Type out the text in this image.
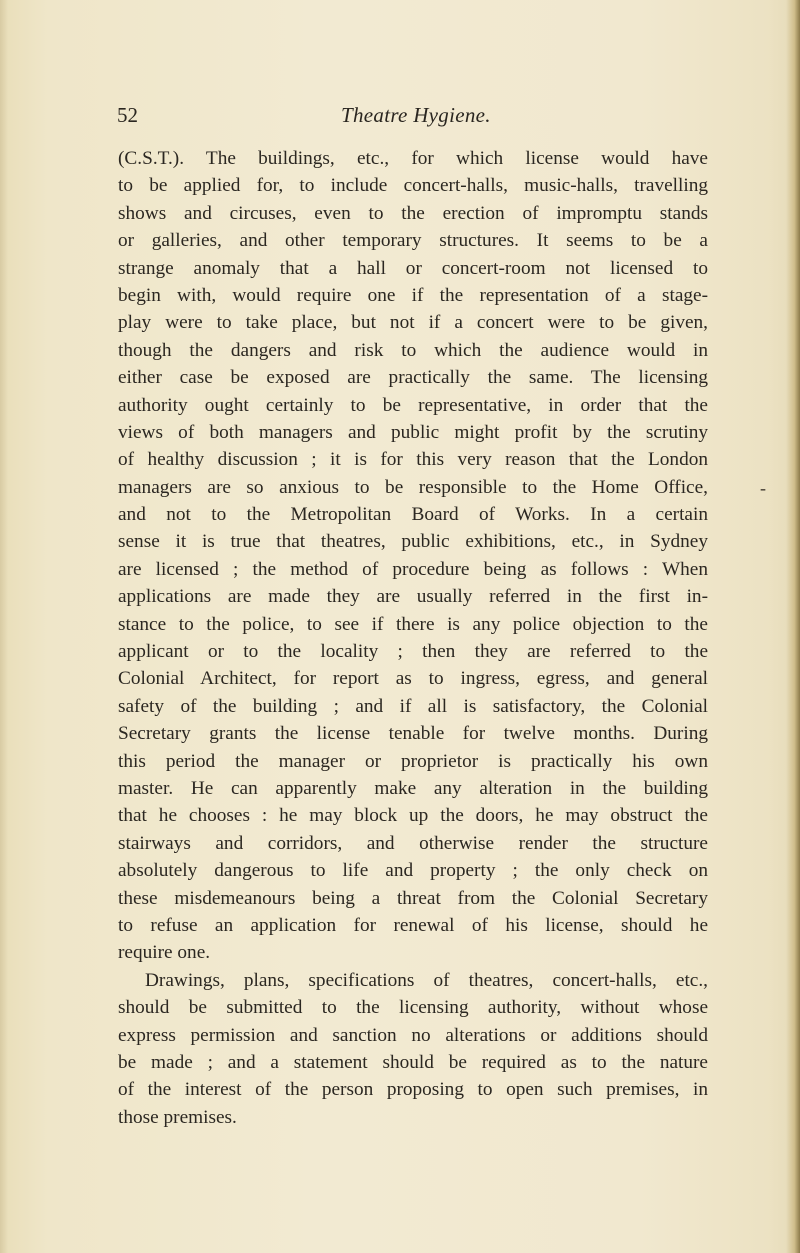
52	Theatre Hygiene.
-
(C.S.T.). The buildings, etc., for which license would have
to be applied for, to include concert-halls, music-halls, travelling
shows and circuses, even to the erection of impromptu stands
or galleries, and other temporary structures. It seems to be a
strange anomaly that a hall or concert-room not licensed to
begin with, would require one if the representation of a stage-
play were to take place, but not if a concert were to be given,
though the dangers and risk to which the audience would in
either case be exposed are practically the same. The licensing
authority ought certainly to be representative, in order that the
views of both managers and public might profit by the scrutiny
of healthy discussion ; it is for this very reason that the London
managers are so anxious to be responsible to the Home Office,
and not to the Metropolitan Board of Works. In a certain
sense it is true that theatres, public exhibitions, etc., in Sydney
are licensed ; the method of procedure being as follows : When
applications are made they are usually referred in the first in-
stance to the police, to see if there is any police objection to the
applicant or to the locality ; then they are referred to the
Colonial Architect, for report as to ingress, egress, and general
safety of the building ; and if all is satisfactory, the Colonial
Secretary grants the license tenable for twelve months. During
this period the manager or proprietor is practically his own
master. He can apparently make any alteration in the building
that he chooses : he may block up the doors, he may obstruct the
stairways and corridors, and otherwise render the structure
absolutely dangerous to life and property ; the only check on
these misdemeanours being a threat from the Colonial Secretary
to refuse an application for renewal of his license, should he
require one.
Drawings, plans, specifications of theatres, concert-halls, etc.,
should be submitted to the licensing authority, without whose
express permission and sanction no alterations or additions should
be made ; and a statement should be required as to the nature
of the interest of the person proposing to open such premises, in
those premises.
